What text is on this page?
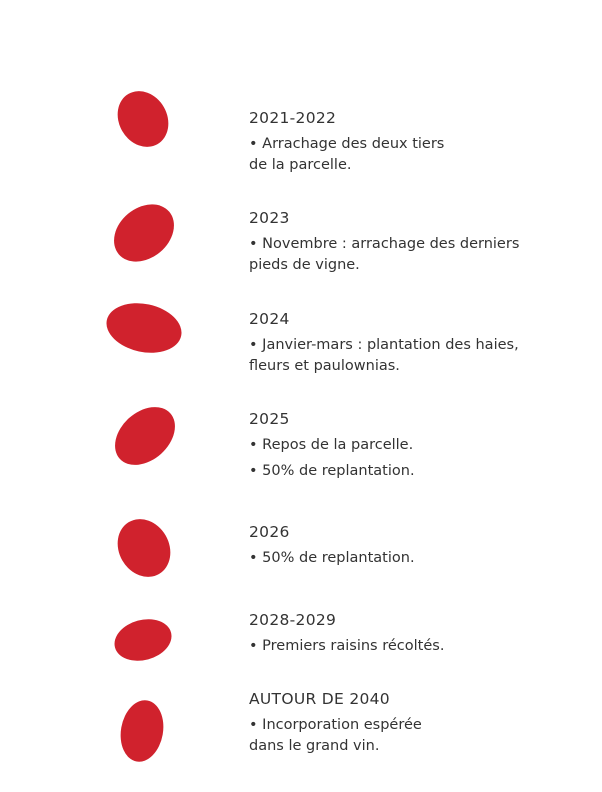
2021-2022

• Arrachage des deux tiers

de la parcelle.

2023

• Novembre : arrachage des derniers

pieds de vigne.

2024

• Janvier-mars : plantation des haies,

fleurs et paulownias.

2025

• Repos de la parcelle.

• 50% de replantation.

2026

• 50% de replantation.

2028-2029

• Premiers raisins récoltés.

AUTOUR DE 2040

• Incorporation espérée

dans le grand vin.
